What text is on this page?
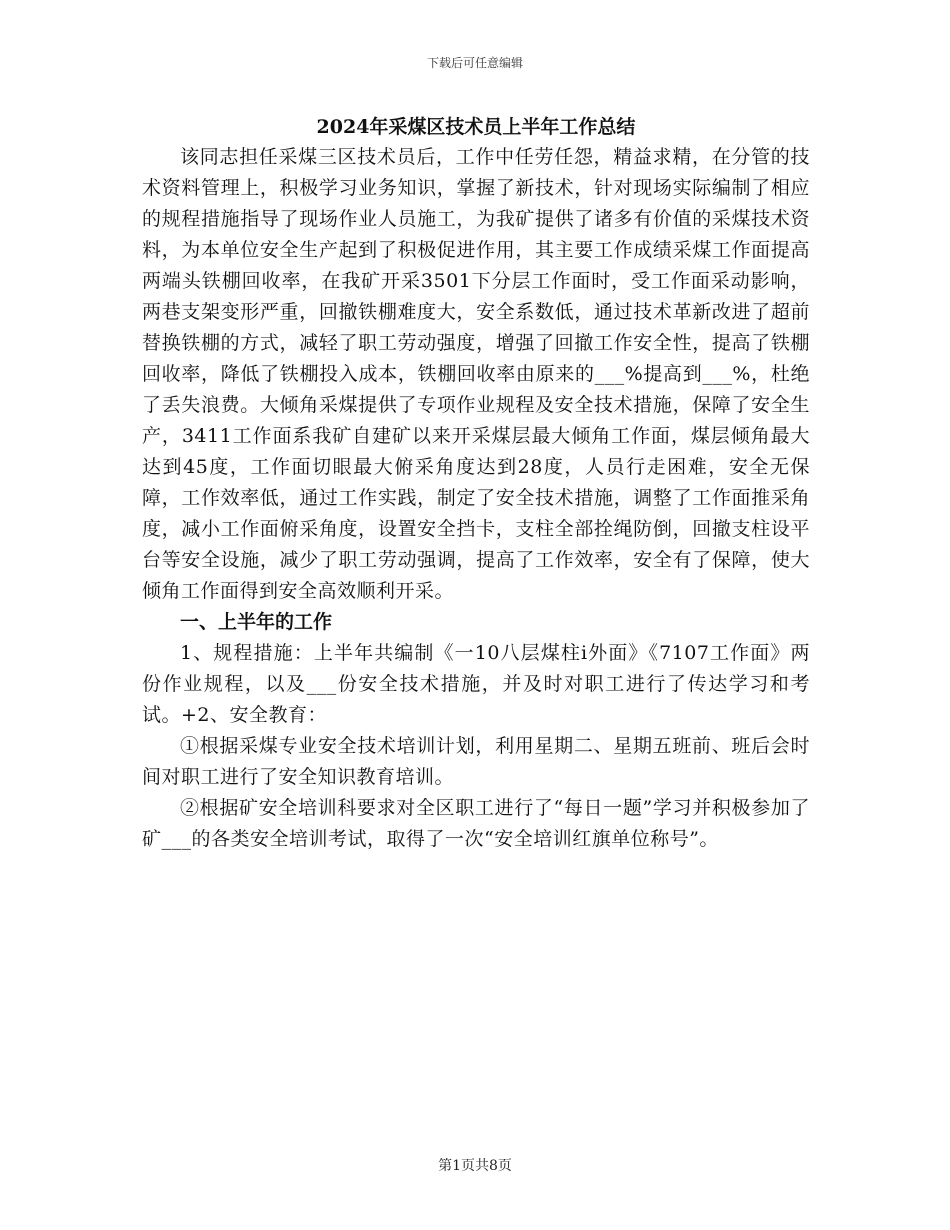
下载后可任意编辑
2024年采煤区技术员上半年工作总结

该同志担任采煤三区技术员后，工作中任劳任怨，精益求精，在分管的技术资料管理上，积极学习业务知识，掌握了新技术，针对现场实际编制了相应的规程措施指导了现场作业人员施工，为我矿提供了诸多有价值的采煤技术资料，为本单位安全生产起到了积极促进作用，其主要工作成绩采煤工作面提高两端头铁棚回收率，在我矿开采3501下分层工作面时，受工作面采动影响，两巷支架变形严重，回撤铁棚难度大，安全系数低，通过技术革新改进了超前替换铁棚的方式，减轻了职工劳动强度，增强了回撤工作安全性，提高了铁棚回收率，降低了铁棚投入成本，铁棚回收率由原来的___%提高到___%，杜绝了丢失浪费。大倾角采煤提供了专项作业规程及安全技术措施，保障了安全生产，3411工作面系我矿自建矿以来开采煤层最大倾角工作面，煤层倾角最大达到45度，工作面切眼最大俯采角度达到28度，人员行走困难，安全无保障，工作效率低，通过工作实践，制定了安全技术措施，调整了工作面推采角度，减小工作面俯采角度，设置安全挡卡，支柱全部拴绳防倒，回撤支柱设平台等安全设施，减少了职工劳动强调，提高了工作效率，安全有了保障，使大倾角工作面得到安全高效顺利开采。

一、上半年的工作

1、规程措施：上半年共编制《一10八层煤柱ⅰ外面》《7107工作面》两份作业规程，以及___份安全技术措施，并及时对职工进行了传达学习和考试。+2、安全教育：

①根据采煤专业安全技术培训计划，利用星期二、星期五班前、班后会时间对职工进行了安全知识教育培训。

②根据矿安全培训科要求对全区职工进行了“每日一题”学习并积极参加了矿___的各类安全培训考试，取得了一次“安全培训红旗单位称号”。

第1页共8页
